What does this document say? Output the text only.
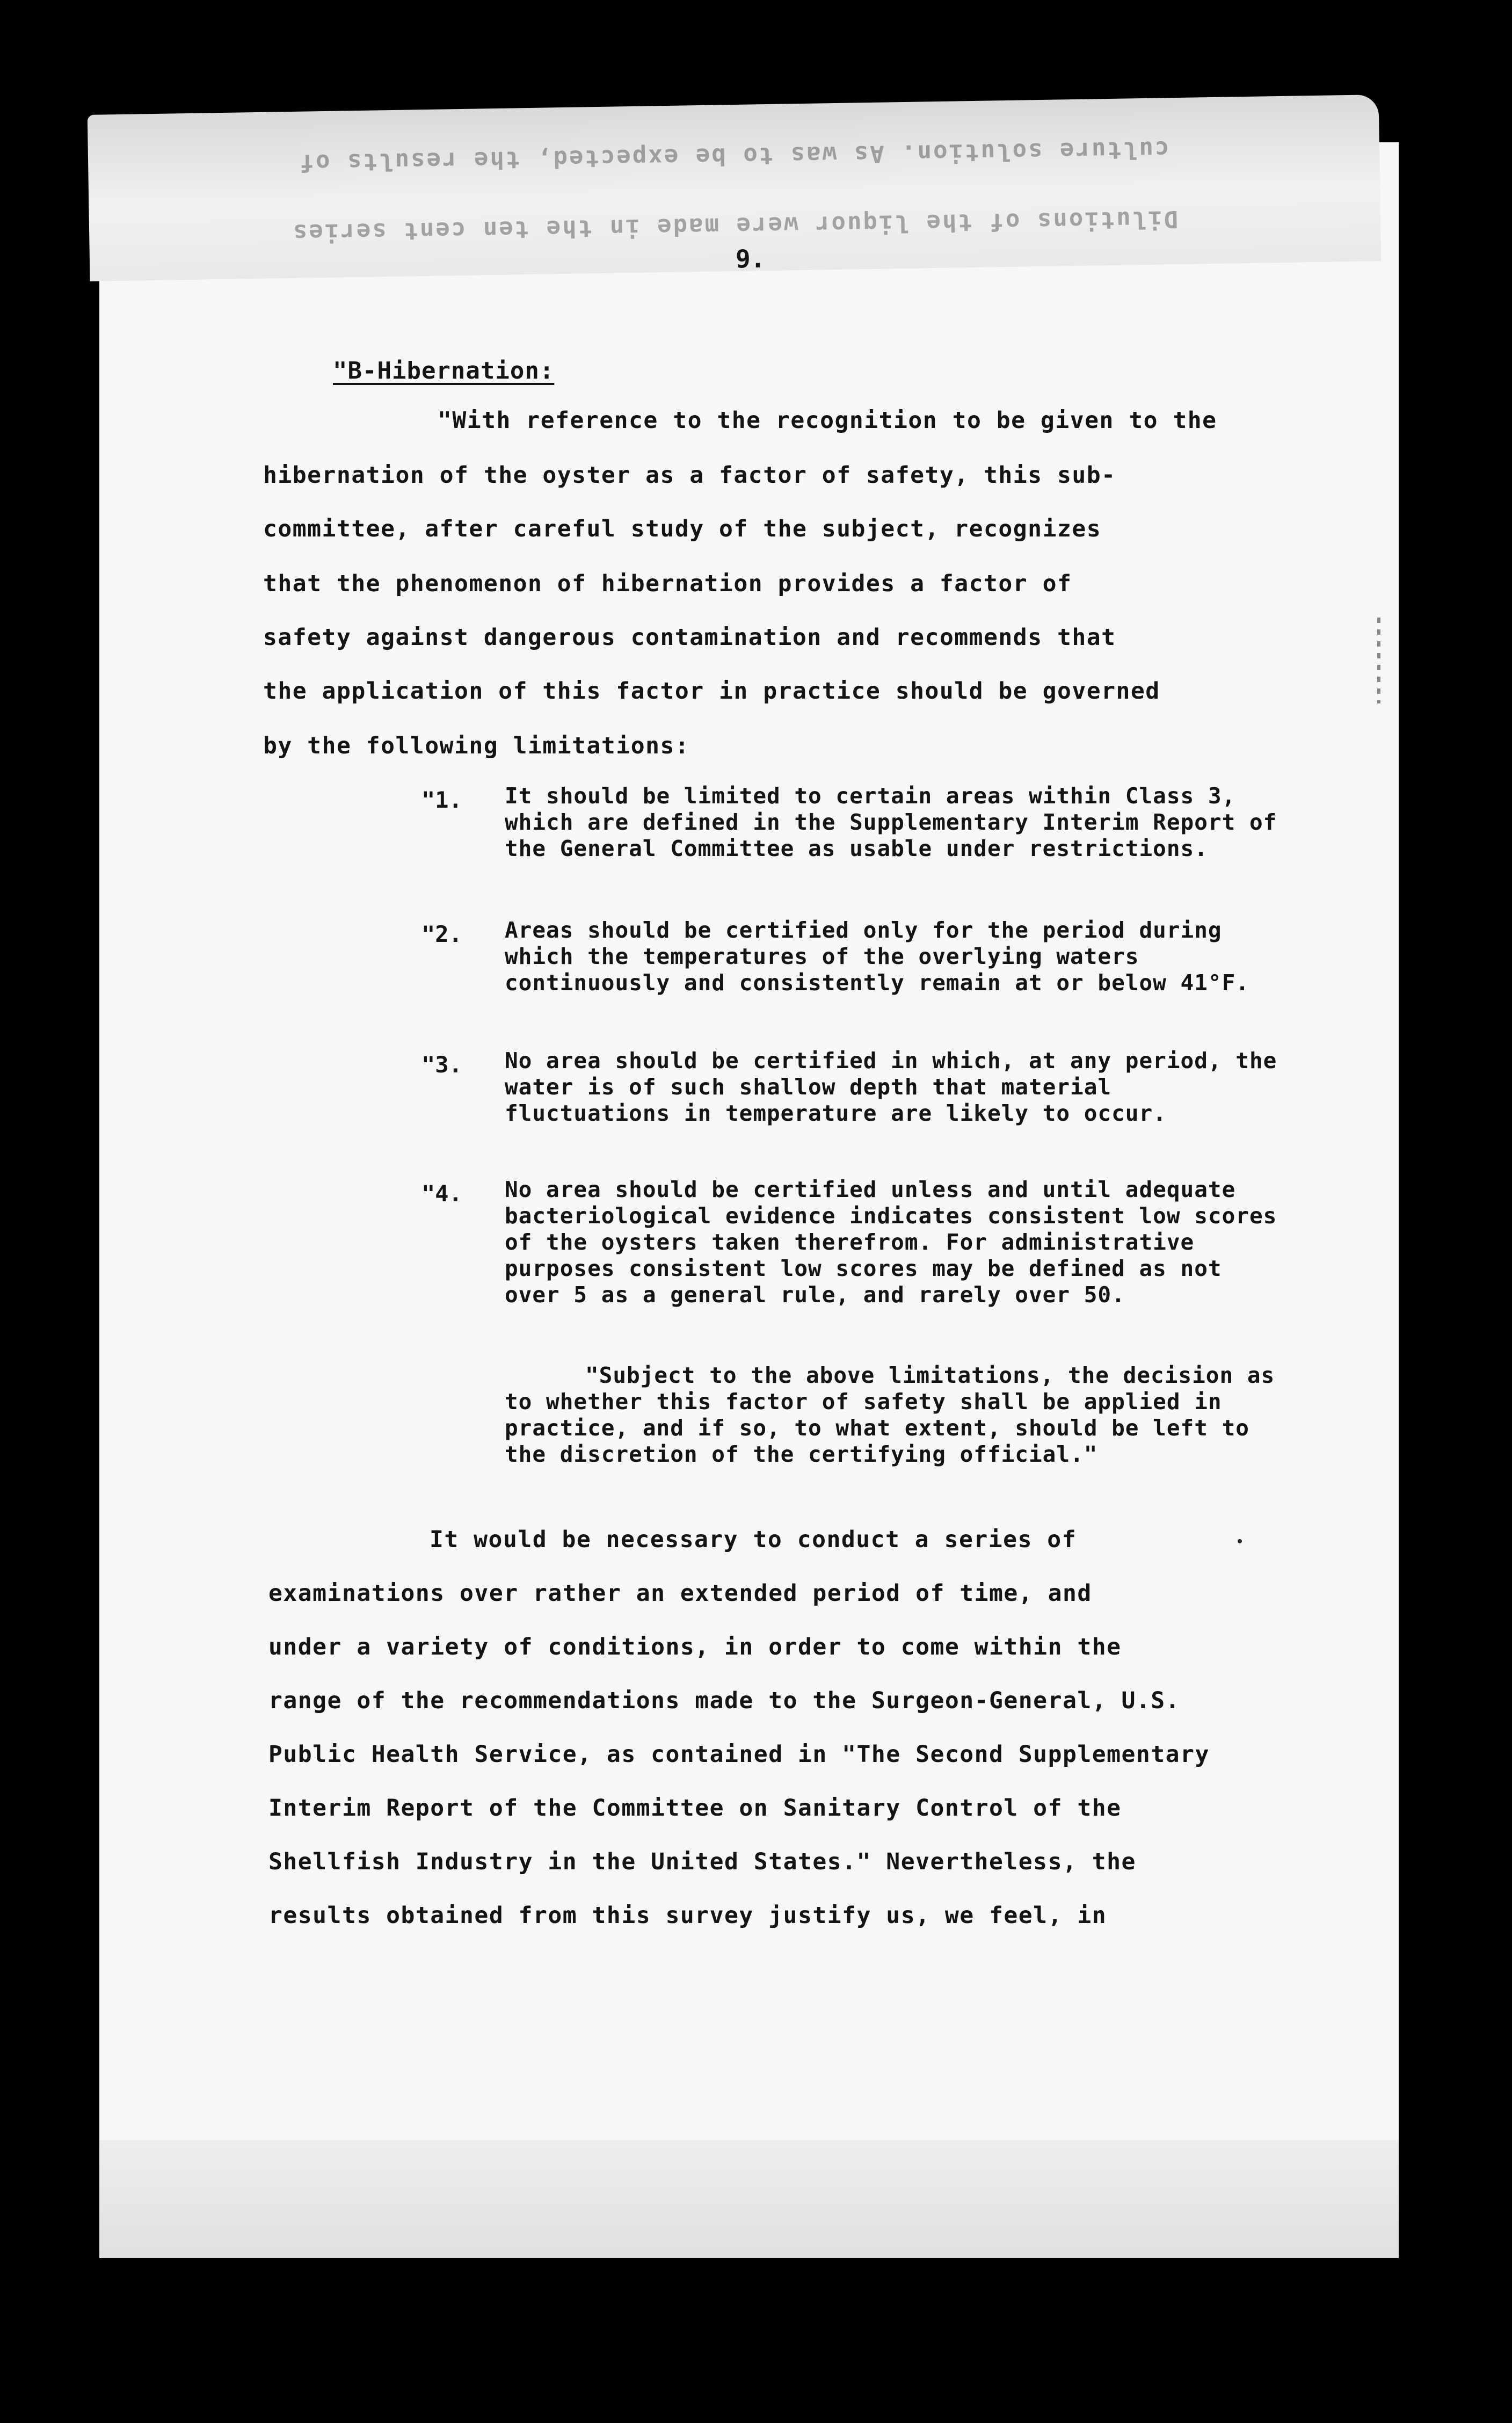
Dilutions of the liquor were made in the ten cent series
culture solution. As was to be expected, the results of
9.
"B-Hibernation:
"With reference to the recognition to be given to the
hibernation of the oyster as a factor of safety, this sub-
committee, after careful study of the subject, recognizes
that the phenomenon of hibernation provides a factor of
safety against dangerous contamination and recommends that
the application of this factor in practice should be governed
by the following limitations:
"1. It should be limited to certain areas within Class 3, which are defined in the Supplementary Interim Report of the General Committee as usable under restrictions.
"2. Areas should be certified only for the period during which the temperatures of the overlying waters continuously and consistently remain at or below 41°F.
"3. No area should be certified in which, at any period, the water is of such shallow depth that material fluctuations in temperature are likely to occur.
"4. No area should be certified unless and until adequate bacteriological evidence indicates consistent low scores of the oysters taken therefrom. For administrative purposes consistent low scores may be defined as not over 5 as a general rule, and rarely over 50.
"Subject to the above limitations, the decision as to whether this factor of safety shall be applied in practice, and if so, to what extent, should be left to the discretion of the certifying official."
It would be necessary to conduct a series of
examinations over rather an extended period of time, and
under a variety of conditions, in order to come within the
range of the recommendations made to the Surgeon-General, U.S.
Public Health Service, as contained in "The Second Supplementary
Interim Report of the Committee on Sanitary Control of the
Shellfish Industry in the United States." Nevertheless, the
results obtained from this survey justify us, we feel, in
